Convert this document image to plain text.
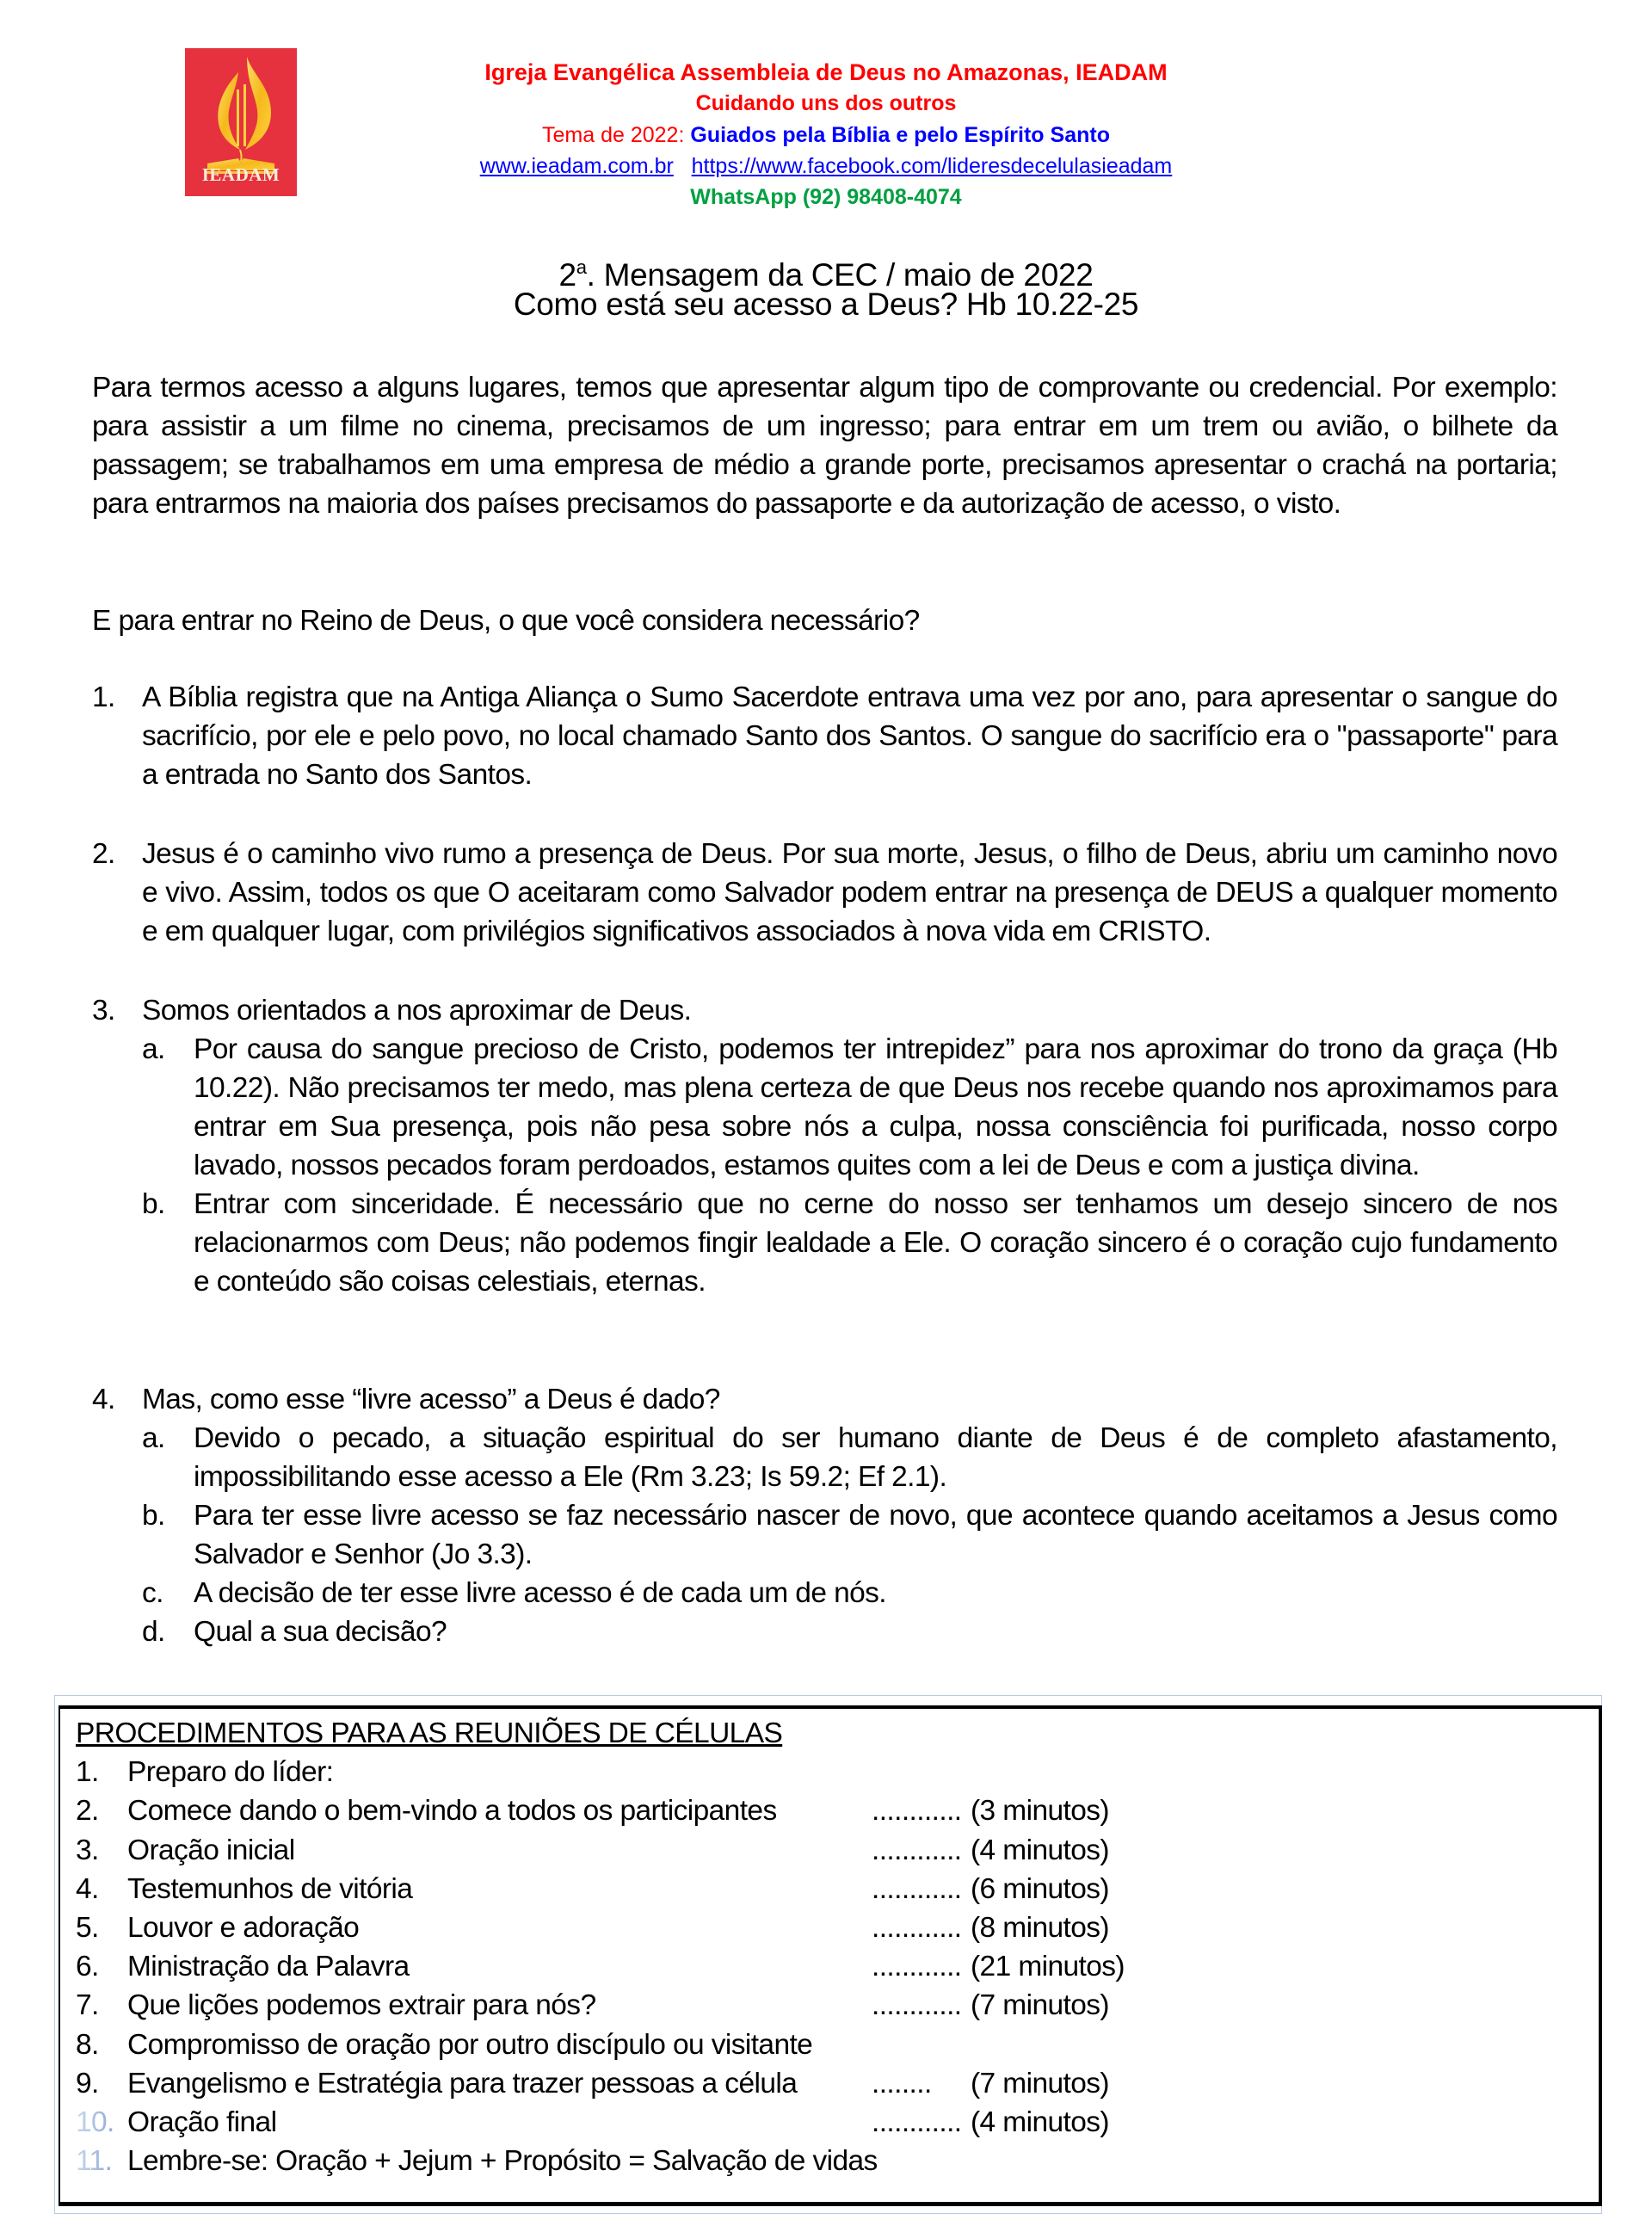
IEADAM
Igreja Evangélica Assembleia de Deus no Amazonas, IEADAM
Cuidando uns dos outros
Tema de 2022: Guiados pela Bíblia e pelo Espírito Santo
www.ieadam.com.br https://www.facebook.com/lideresdecelulasieadam
WhatsApp (92) 98408-4074
2$^a$. Mensagem da CEC / maio de 2022
Como está seu acesso a Deus? Hb 10.22-25
Para termos acesso a alguns lugares, temos que apresentar algum tipo de comprovante ou credencial. Por exemplo: para assistir a um filme no cinema, precisamos de um ingresso; para entrar em um trem ou avião, o bilhete da passagem; se trabalhamos em uma empresa de médio a grande porte, precisamos apresentar o crachá na portaria; para entrarmos na maioria dos países precisamos do passaporte e da autorização de acesso, o visto.
E para entrar no Reino de Deus, o que você considera necessário?
1. A Bíblia registra que na Antiga Aliança o Sumo Sacerdote entrava uma vez por ano, para apresentar o sangue do sacrifício, por ele e pelo povo, no local chamado Santo dos Santos. O sangue do sacrifício era o "passaporte" para a entrada no Santo dos Santos.
2. Jesus é o caminho vivo rumo a presença de Deus. Por sua morte, Jesus, o filho de Deus, abriu um caminho novo e vivo. Assim, todos os que O aceitaram como Salvador podem entrar na presença de DEUS a qualquer momento e em qualquer lugar, com privilégios significativos associados à nova vida em CRISTO.
3. Somos orientados a nos aproximar de Deus.
a. Por causa do sangue precioso de Cristo, podemos ter intrepidez” para nos aproximar do trono da graça (Hb 10.22). Não precisamos ter medo, mas plena certeza de que Deus nos recebe quando nos aproximamos para entrar em Sua presença, pois não pesa sobre nós a culpa, nossa consciência foi purificada, nosso corpo lavado, nossos pecados foram perdoados, estamos quites com a lei de Deus e com a justiça divina.
b. Entrar com sinceridade. É necessário que no cerne do nosso ser tenhamos um desejo sincero de nos relacionarmos com Deus; não podemos fingir lealdade a Ele. O coração sincero é o coração cujo fundamento e conteúdo são coisas celestiais, eternas.
4. Mas, como esse “livre acesso” a Deus é dado?
a. Devido o pecado, a situação espiritual do ser humano diante de Deus é de completo afastamento, impossibilitando esse acesso a Ele (Rm 3.23; Is 59.2; Ef 2.1).
b. Para ter esse livre acesso se faz necessário nascer de novo, que acontece quando aceitamos a Jesus como Salvador e Senhor (Jo 3.3).
c. A decisão de ter esse livre acesso é de cada um de nós.
d. Qual a sua decisão?
PROCEDIMENTOS PARA AS REUNIÕES DE CÉLULAS
1. Preparo do líder:
2. Comece dando o bem-vindo a todos os participantes	............ (3 minutos)
3. Oração inicial	............ (4 minutos)
4. Testemunhos de vitória	............ (6 minutos)
5. Louvor e adoração	............ (8 minutos)
6. Ministração da Palavra	............ (21 minutos)
7. Que lições podemos extrair para nós?	............ (7 minutos)
8. Compromisso de oração por outro discípulo ou visitante
9. Evangelismo e Estratégia para trazer pessoas a célula	........ (7 minutos)
10. Oração final	............ (4 minutos)
11. Lembre-se: Oração + Jejum + Propósito = Salvação de vidas
